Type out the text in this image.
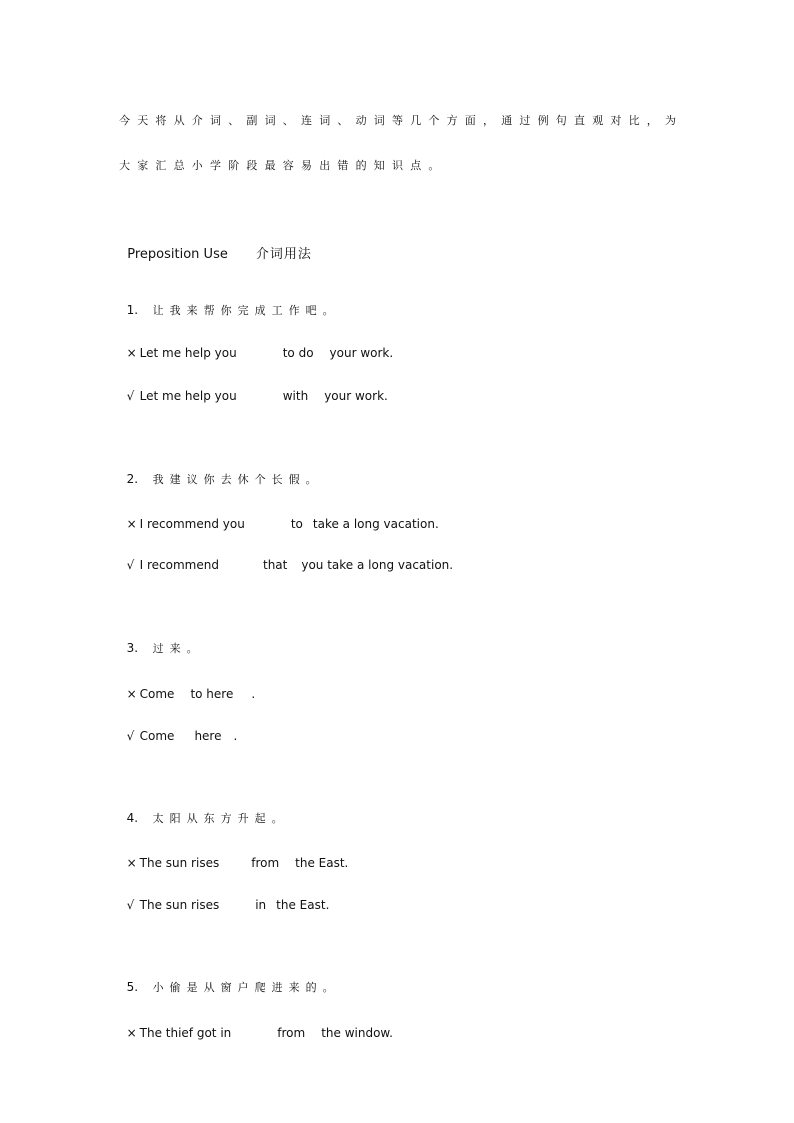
今天将从介词、副词、连词、动词等几个方面，通过例句直观对比，为
大家汇总小学阶段最容易出错的知识点。

Preposition Use 介词用法

1. 让我来帮你完成工作吧。

× Let me help you	to do your work.

√ Let me help you	with your work.

2. 我建议你去休个长假。

× I recommend you	to take a long vacation.

√ I recommend	that you take a long vacation.

3. 过来。

× Come to here .

√ Come here .

4. 太阳从东方升起。

× The sun rises	from the East.

√ The sun rises	in the East.

5. 小偷是从窗户爬进来的。

× The thief got in	from the window.
